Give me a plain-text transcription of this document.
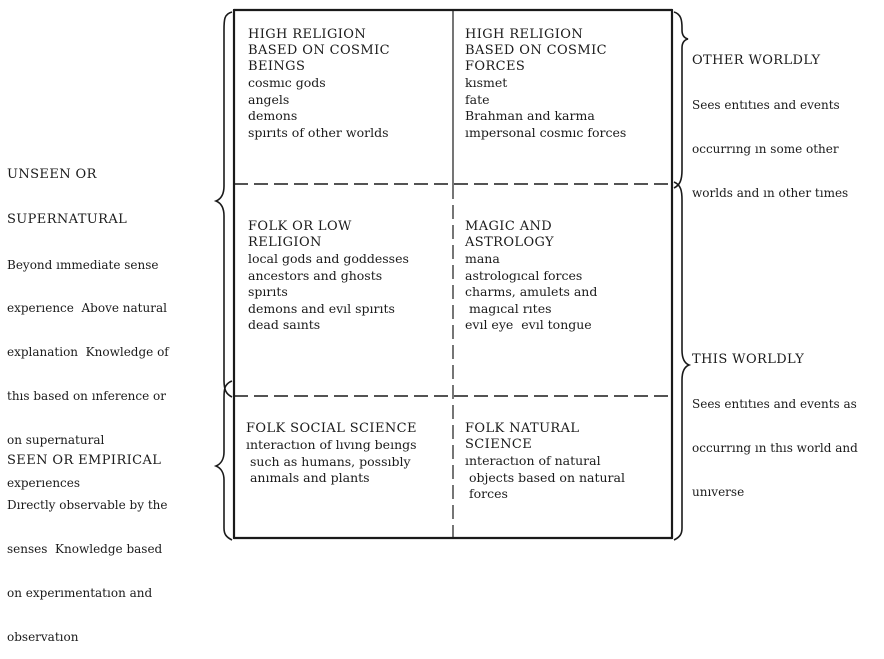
UNSEEN OR

SUPERNATURAL

Beyond ımmediate sense

experıence  Above natural

explanation  Knowledge of

thıs based on ınference or

on supernatural

experıences

SEEN OR EMPIRICAL

Dırectly observable by the

senses  Knowledge based

on experımentatıon and

observatıon

OTHER WORLDLY

Sees entıtıes and events

occurrıng ın some other

worlds and ın other tımes

THIS WORLDLY

Sees entıtıes and events as

occurrıng ın thıs world and

unıverse

HIGH RELIGION
BASED ON COSMIC
BEINGS
cosmıc gods
angels
demons
spırıts of other worlds
HIGH RELIGION
BASED ON COSMIC
FORCES
kısmet
fate
Brahman and karma
ımpersonal cosmıc forces
FOLK OR LOW
RELIGION
local gods and goddesses
ancestors and ghosts
spırıts
demons and evıl spırıts
dead saınts
MAGIC AND
ASTROLOGY
mana
astrologıcal forces
charms, amulets and
magıcal rıtes
evıl eye  evıl tongue
FOLK SOCIAL SCIENCE
ınteractıon of lıvıng beıngs
such as humans, possıbly
anımals and plants
FOLK NATURAL
SCIENCE
ınteractıon of natural
objects based on natural
forces
